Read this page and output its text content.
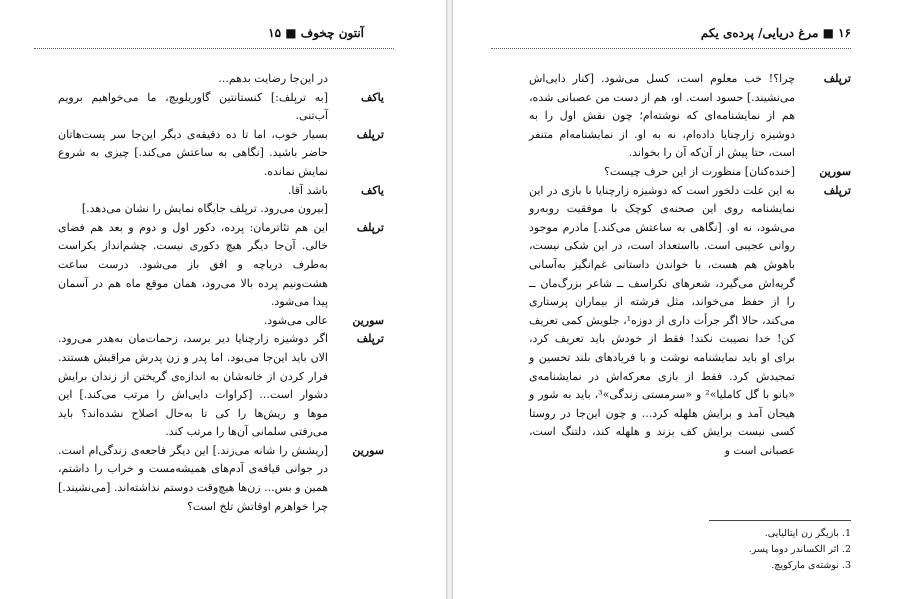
آنتون چخوف ■ ۱۵

در این‌جا رضایت بدهم...

یاکف

[به ترپلف:] کنستانتین گاوریلویچ، ما می‌خواهیم برویم آب‌تنی.

ترپلف

بسیار خوب، اما تا ده دقیقه‌ی دیگر این‌جا سر پست‌هاتان حاضر باشید. [نگاهی به ساعتش می‌کند.] چیزی به شروع نمایش نمانده.

یاکف

باشد آقا.

[بیرون می‌رود. ترپلف جایگاه نمایش را نشان می‌دهد.]

ترپلف

این هم تئاترمان: پرده، دکور اول و دوم و بعد هم فضای خالی. آن‌جا دیگر هیچ دکوری نیست. چشم‌انداز یکراست به‌طرف دریاچه و افق باز می‌شود. درست ساعت هشت‌ونیم پرده بالا می‌رود، همان موقع ماه هم در آسمان پیدا می‌شود.

سورین

عالی می‌شود.

ترپلف

اگر دوشیزه زارچنایا دیر برسد، زحمات‌مان به‌هدر می‌رود. الان باید این‌جا می‌بود. اما پدر و زن پدرش مراقبش هستند. فرار کردن از خانه‌شان به اندازه‌ی گریختن از زندان برایش دشوار است... [کراوات دایی‌اش را مرتب می‌کند.] این موها و ریش‌ها را کی تا به‌حال اصلاح نشده‌اند؟ باید می‌رفتی سلمانی آن‌ها را مرتب کند.

سورین

[ریشش را شانه می‌زند.] این دیگر فاجعه‌ی زندگی‌ام است. در جوانی قیافه‌ی آدم‌های همیشه‌مست و خراب را داشتم، همین و بس... زن‌ها هیچ‌وقت دوستم نداشته‌اند. [می‌نشیند.] چرا خواهرم اوقاتش تلخ است؟

۱۶ ■ مرغ دریایی/ پرده‌ی یکم
ترپلف

چرا؟! خب معلوم است، کسل می‌شود. [کنار دایی‌اش می‌نشیند.] حسود است. او، هم از دست من عصبانی شده، هم از نمایشنامه‌ای که نوشته‌ام؛ چون نقش اول را به دوشیزه زارچنایا داده‌ام، نه به او. از نمایشنامه‌ام متنفر است، حتا پیش از آن‌که آن را بخواند.

سورین

[خنده‌کنان] منظورت از این حرف چیست؟

ترپلف

به این علت دلخور است که دوشیزه زارچنایا با بازی در این نمایشنامه روی این صحنه‌ی کوچک با موفقیت روبه‌رو می‌شود، نه او. [نگاهی به ساعتش می‌کند.] مادرم موجود روانی عجیبی است. بااستعداد است، در این شکی نیست، باهوش هم هست، با خواندن داستانی غم‌انگیز به‌آسانی گریه‌اش می‌گیرد، شعرهای نکراسف ــ شاعر بزرگ‌مان ــ را از حفظ می‌خواند، مثل فرشته از بیماران پرستاری می‌کند، حالا اگر جرأت داری از دوزه¹، جلویش کمی تعریف کن! خدا نصیبت نکند! فقط از خودش باید تعریف کرد، برای او باید نمایشنامه نوشت و با فریادهای بلند تحسین و تمجیدش کرد. فقط از بازی معرکه‌اش در نمایشنامه‌ی «بانو با گل کاملیا»² و «سرمستی زندگی»³، باید به شور و هیجان آمد و برایش هلهله کرد... و چون این‌جا در روستا کسی نیست برایش کف بزند و هلهله کند، دلتنگ است، عصبانی است و

1. بازیگر زن ایتالیایی.
2. اثر الکساندر دوما پسر.
3. نوشته‌ی مارکویچ.
